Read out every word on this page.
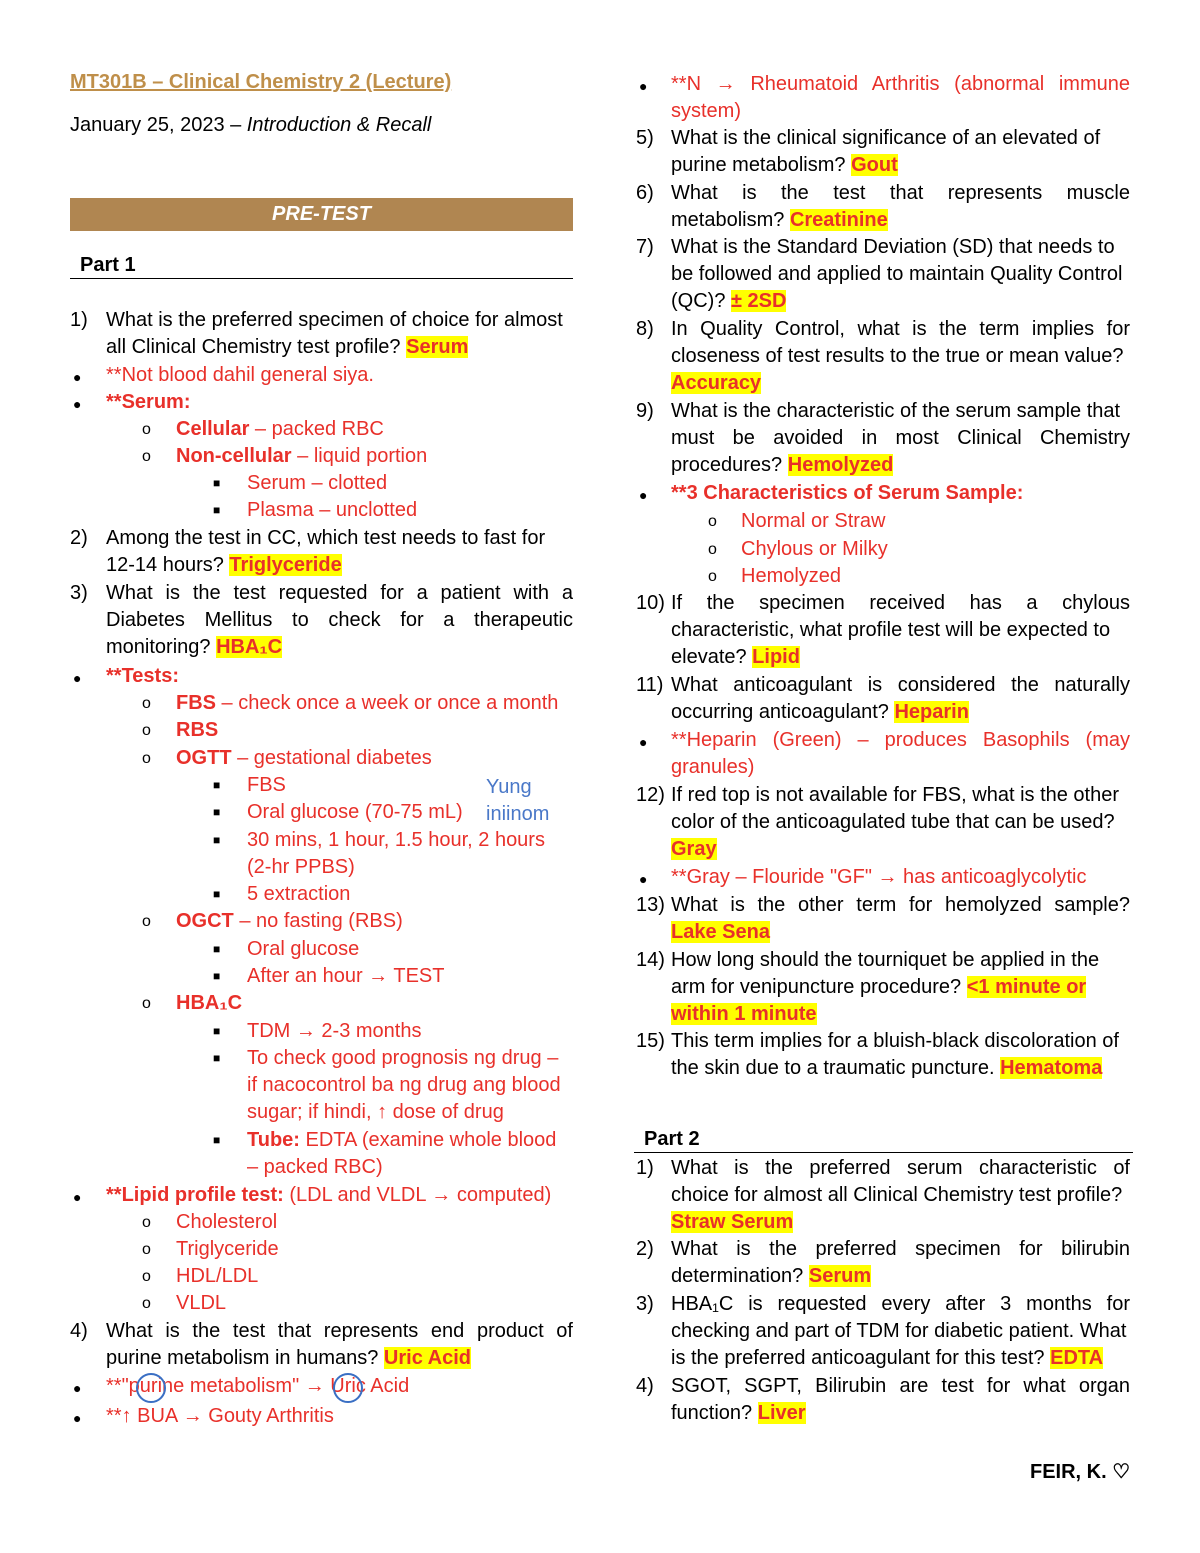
MT301B – Clinical Chemistry 2 (Lecture)
January 25, 2023 – Introduction & Recall
PRE-TEST
Part 1
Part 2
1) What is the preferred specimen of choice for almost
all Clinical Chemistry test profile? Serum
● **Not blood dahil general siya.
● **Serum:
o Cellular – packed RBC
o Non-cellular – liquid portion
■ Serum – clotted
■ Plasma – unclotted
2) Among the test in CC, which test needs to fast for
12-14 hours? Triglyceride
3) What is the test requested for a patient with a
Diabetes Mellitus to check for a therapeutic
monitoring? HBA₁C
● **Tests:
o FBS – check once a week or once a month
o RBS
o OGTT – gestational diabetes
■ FBS
■ Oral glucose (70-75 mL)
Yung
iniinom
■ 30 mins, 1 hour, 1.5 hour, 2 hours
(2-hr PPBS)
■ 5 extraction
o OGCT – no fasting (RBS)
■ Oral glucose
■ After an hour → TEST
o HBA₁C
■ TDM → 2-3 months
■ To check good prognosis ng drug –
if nacocontrol ba ng drug ang blood
sugar; if hindi, ↑ dose of drug
■ Tube: EDTA (examine whole blood
– packed RBC)
● **Lipid profile test: (LDL and VLDL → computed)
o Cholesterol
o Triglyceride
o HDL/LDL
o VLDL
4) What is the test that represents end product of
purine metabolism in humans? Uric Acid
● **"purine metabolism" → Uric Acid
● **↑ BUA → Gouty Arthritis
● **N → Rheumatoid Arthritis (abnormal immune
system)
5) What is the clinical significance of an elevated of
purine metabolism? Gout
6) What is the test that represents muscle
metabolism? Creatinine
7) What is the Standard Deviation (SD) that needs to
be followed and applied to maintain Quality Control
(QC)? ± 2SD
8) In Quality Control, what is the term implies for
closeness of test results to the true or mean value?
Accuracy
9) What is the characteristic of the serum sample that
must be avoided in most Clinical Chemistry
procedures? Hemolyzed
● **3 Characteristics of Serum Sample:
o Normal or Straw
o Chylous or Milky
o Hemolyzed
10) If the specimen received has a chylous
characteristic, what profile test will be expected to
elevate? Lipid
11) What anticoagulant is considered the naturally
occurring anticoagulant? Heparin
● **Heparin (Green) – produces Basophils (may
granules)
12) If red top is not available for FBS, what is the other
color of the anticoagulated tube that can be used?
Gray
● **Gray – Flouride "GF" → has anticoaglycolytic
13) What is the other term for hemolyzed sample?
Lake Sena
14) How long should the tourniquet be applied in the
arm for venipuncture procedure? <1 minute or
within 1 minute
15) This term implies for a bluish-black discoloration of
the skin due to a traumatic puncture. Hematoma
1) What is the preferred serum characteristic of
choice for almost all Clinical Chemistry test profile?
Straw Serum
2) What is the preferred specimen for bilirubin
determination? Serum
3) HBA₁C is requested every after 3 months for
checking and part of TDM for diabetic patient. What
is the preferred anticoagulant for this test? EDTA
4) SGOT, SGPT, Bilirubin are test for what organ
function? Liver
FEIR, K. ♡
